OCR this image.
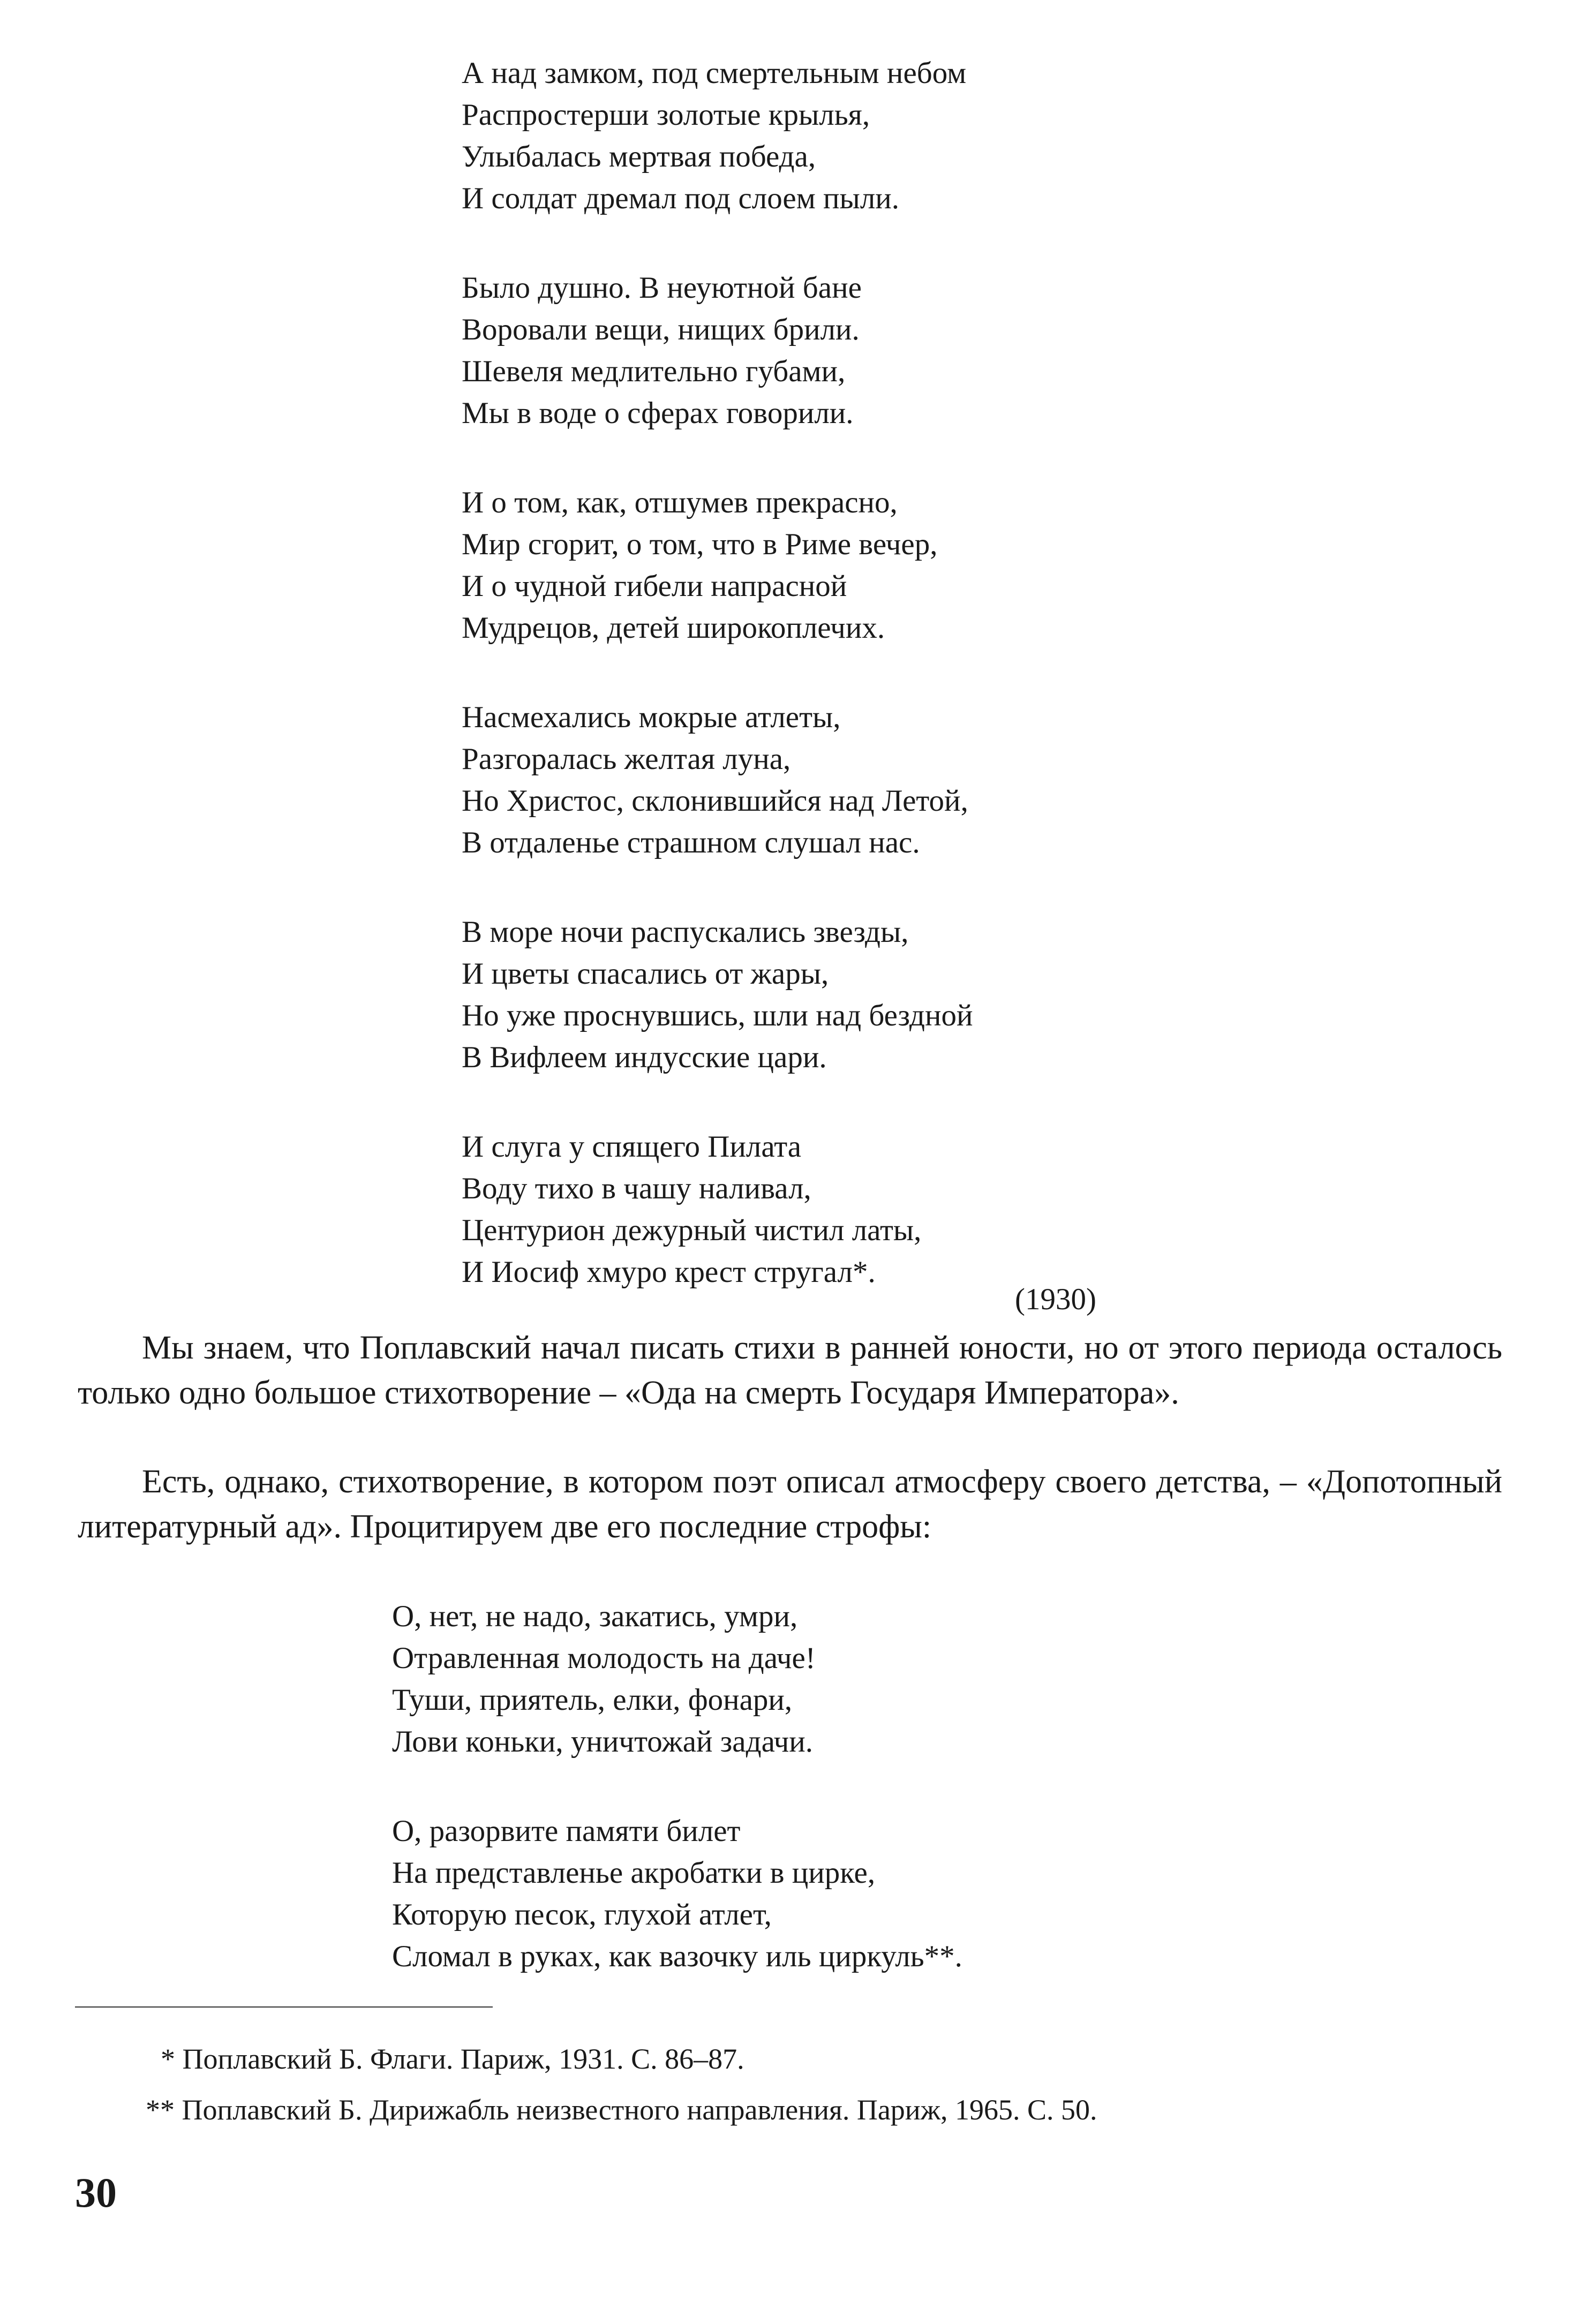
А над замком, под смертельным небом
Распростерши золотые крылья,
Улыбалась мертвая победа,
И солдат дремал под слоем пыли.
Было душно. В неуютной бане
Воровали вещи, нищих брили.
Шевеля медлительно губами,
Мы в воде о сферах говорили.
И о том, как, отшумев прекрасно,
Мир сгорит, о том, что в Риме вечер,
И о чудной гибели напрасной
Мудрецов, детей широкоплечих.
Насмехались мокрые атлеты,
Разгоралась желтая луна,
Но Христос, склонившийся над Летой,
В отдаленье страшном слушал нас.
В море ночи распускались звезды,
И цветы спасались от жары,
Но уже проснувшись, шли над бездной
В Вифлеем индусские цари.
И слуга у спящего Пилата
Воду тихо в чашу наливал,
Центурион дежурный чистил латы,
И Иосиф хмуро крест стругал*.
(1930)

Мы знаем, что Поплавский начал писать стихи в ранней юности, но от этого периода осталось только одно большое стихотворение – «Ода на смерть Государя Императора».

Есть, однако, стихотворение, в котором поэт описал атмосферу своего детства, – «Допотопный литературный ад». Процитируем две его последние строфы:

О, нет, не надо, закатись, умри,
Отравленная молодость на даче!
Туши, приятель, елки, фонари,
Лови коньки, уничтожай задачи.
О, разорвите памяти билет
На представленье акробатки в цирке,
Которую песок, глухой атлет,
Сломал в руках, как вазочку иль циркуль**.
* Поплавский Б. Флаги. Париж, 1931. С. 86–87.
** Поплавский Б. Дирижабль неизвестного направления. Париж, 1965. С. 50.
30
